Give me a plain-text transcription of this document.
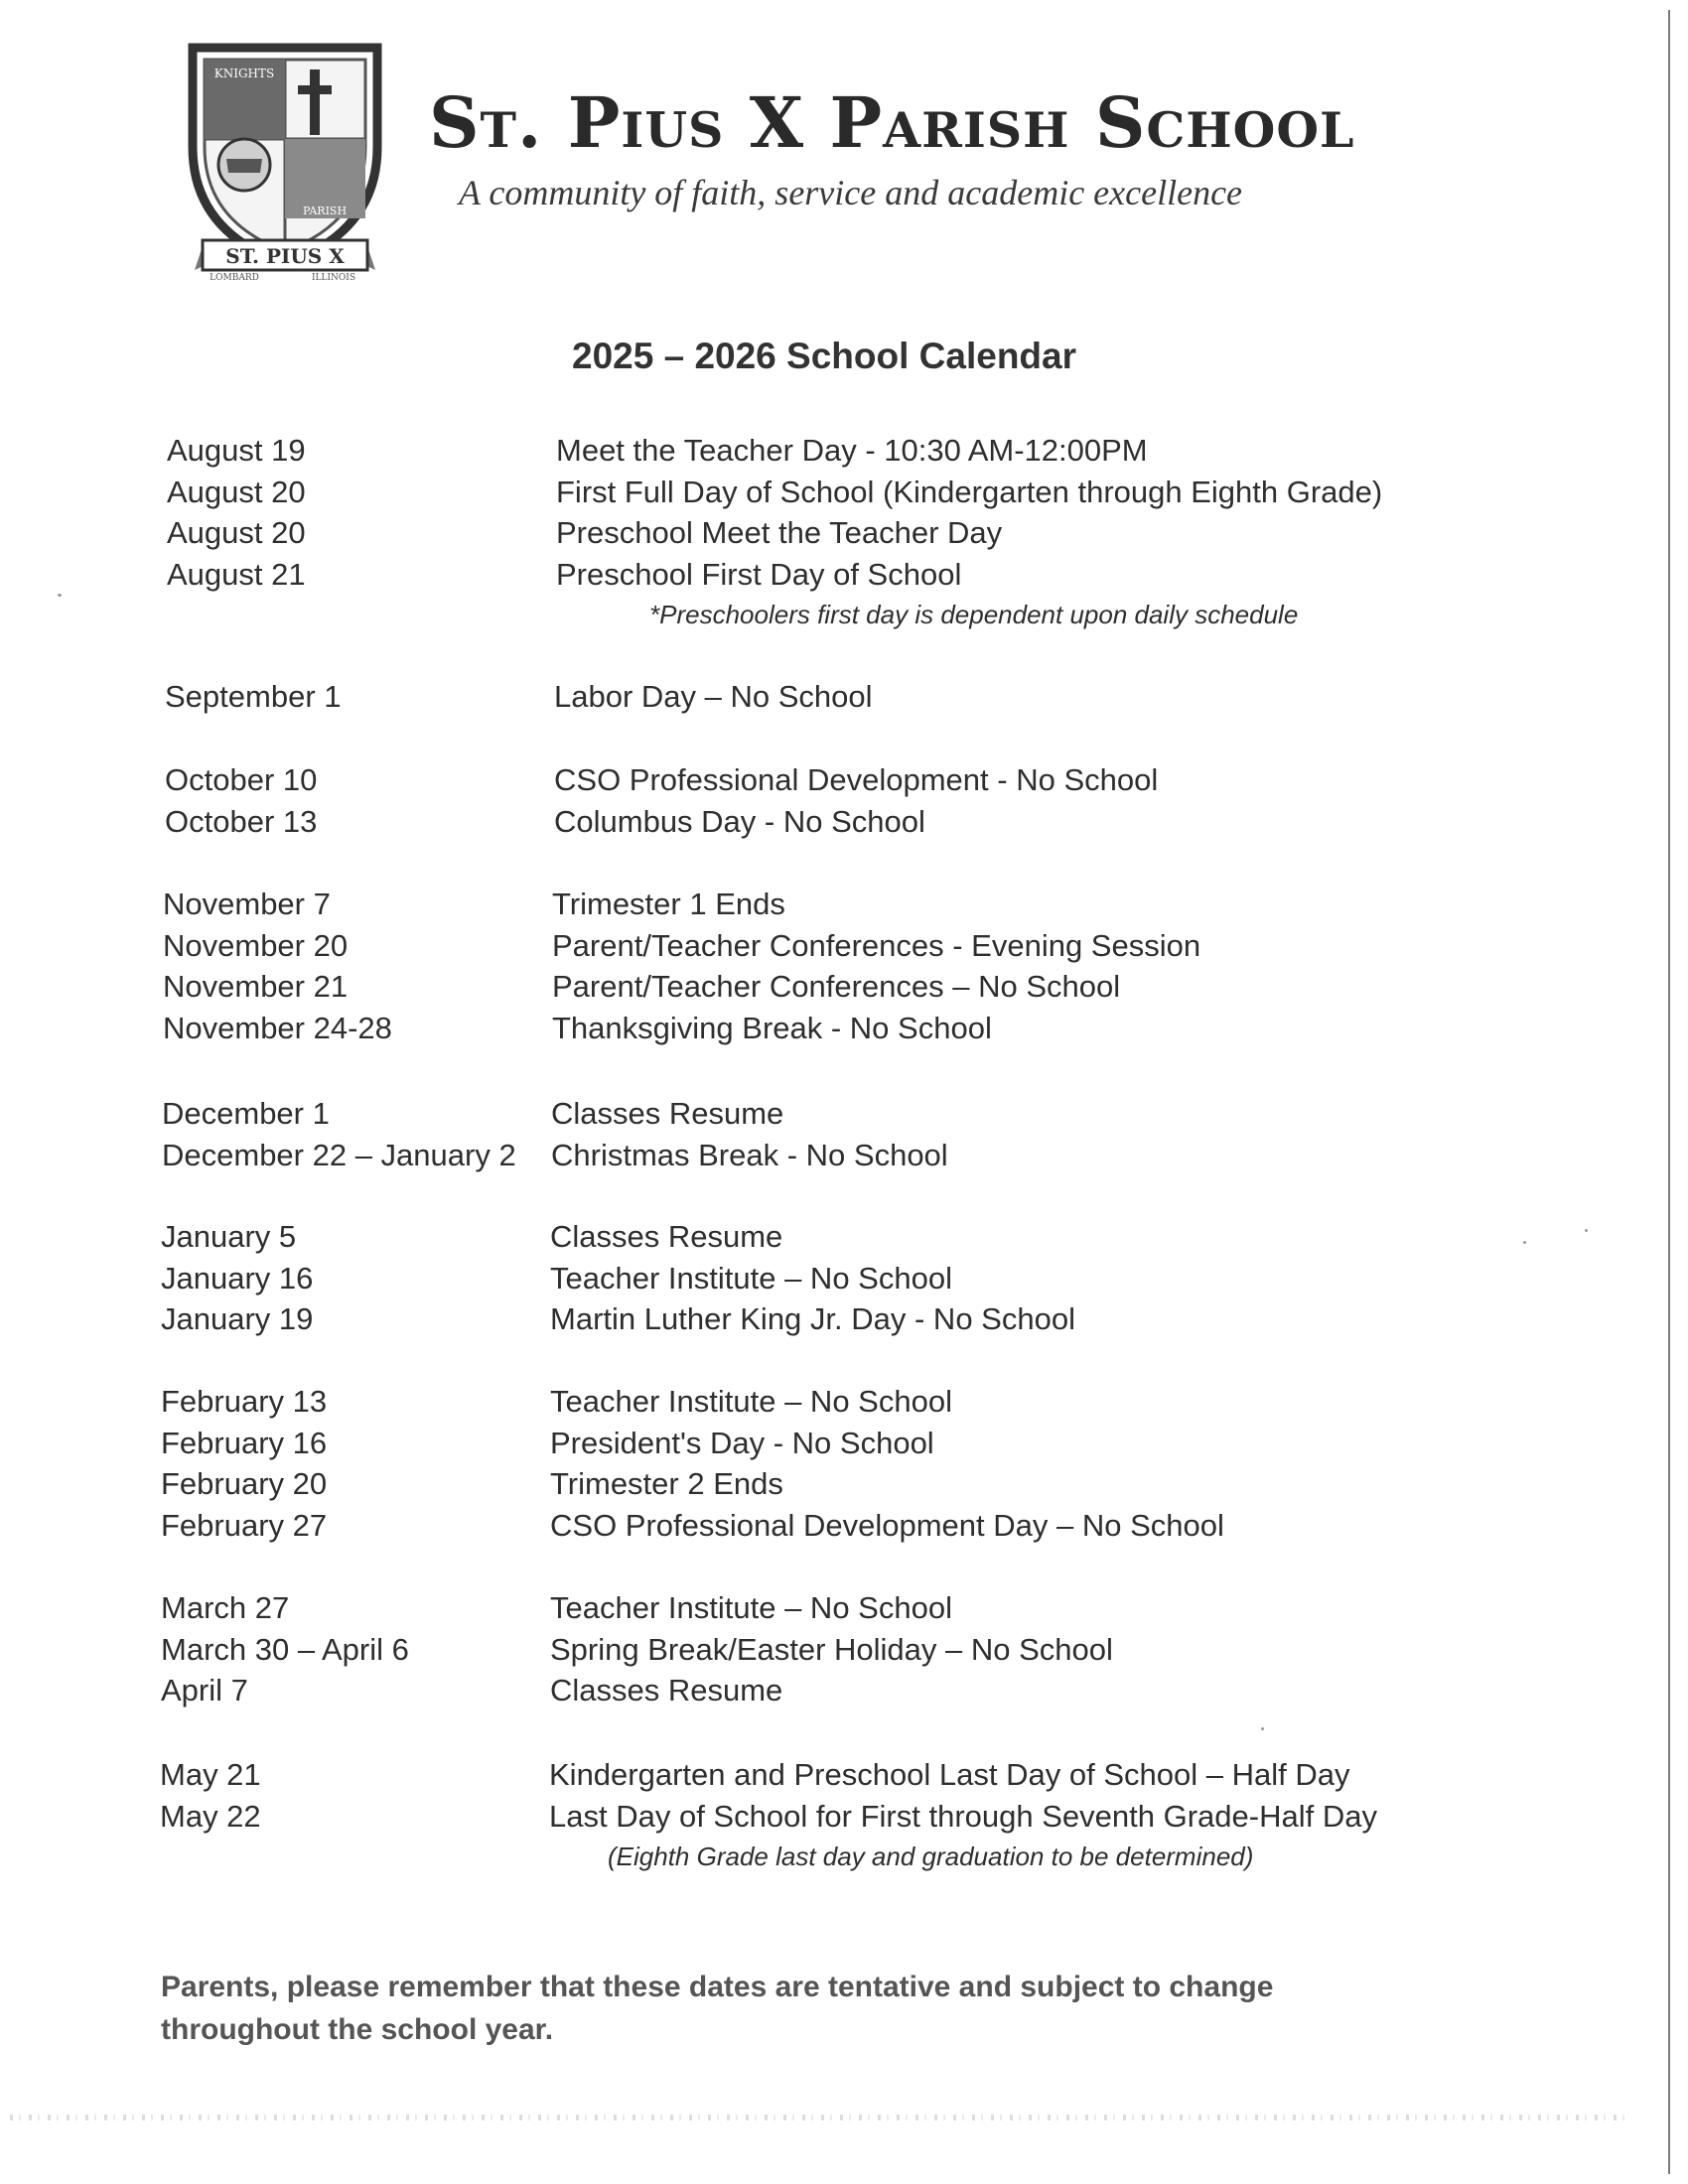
ST. PIUS X
KNIGHTS
PARISH
LOMBARD	ILLINOIS
St. Pius X Parish School
A community of faith, service and academic excellence
2025 – 2026 School Calendar
August 19	Meet the Teacher Day - 10:30 AM-12:00PM
August 20	First Full Day of School (Kindergarten through Eighth Grade)
August 20	Preschool Meet the Teacher Day
August 21	Preschool First Day of School
*Preschoolers first day is dependent upon daily schedule
September 1	Labor Day – No School
October 10	CSO Professional Development - No School
October 13	Columbus Day - No School
November 7	Trimester 1 Ends
November 20	Parent/Teacher Conferences - Evening Session
November 21	Parent/Teacher Conferences – No School
November 24-28	Thanksgiving Break - No School
December 1	Classes Resume
December 22 – January 2 Christmas Break - No School
January 5	Classes Resume
January 16	Teacher Institute – No School
January 19	Martin Luther King Jr. Day - No School
February 13	Teacher Institute – No School
February 16	President's Day - No School
February 20	Trimester 2 Ends
February 27	CSO Professional Development Day – No School
March 27	Teacher Institute – No School
March 30 – April 6	Spring Break/Easter Holiday – No School
April 7	Classes Resume
May 21	Kindergarten and Preschool Last Day of School – Half Day
May 22	Last Day of School for First through Seventh Grade-Half Day
(Eighth Grade last day and graduation to be determined)
Parents, please remember that these dates are tentative and subject to change throughout the school year.
